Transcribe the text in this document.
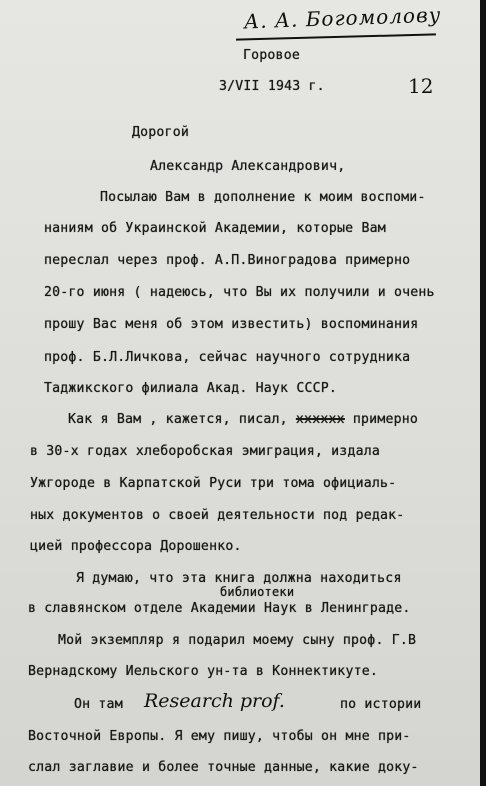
А. А. Богомолову
Горовое
3/VII 1943 г.	12
Дорогой
Александр Александрович,
Посылаю Вам в дополнение к моим воспоми-
наниям об Украинской Академии, которые Вам
переслал через проф. А.П.Виноградова примерно
20-го июня ( надеюсь, что Вы их получили и очень
прошу Вас меня об этом известить) воспоминания
проф. Б.Л.Личкова, сейчас научного сотрудника
Таджикского филиала Акад. Наук СССР.
Как я Вам , кажется, писал, хххххх примерно
в 30-х годах хлеборобская эмиграция, издала
Ужгороде в Карпатской Руси три тома официаль-
ных документов о своей деятельности под редак-
цией профессора Дорошенко.
Я думаю, что эта книга должна находиться
библиотеки
в славянском отделе Академии Наук в Ленинграде.
Мой экземпляр я подарил моему сыну проф. Г.В
Вернадскому Иельского ун-та в Коннектикуте.
Он там Research prof.	по истории
Восточной Европы. Я ему пишу, чтобы он мне при-
слал заглавие и более точные данные, какие доку-
